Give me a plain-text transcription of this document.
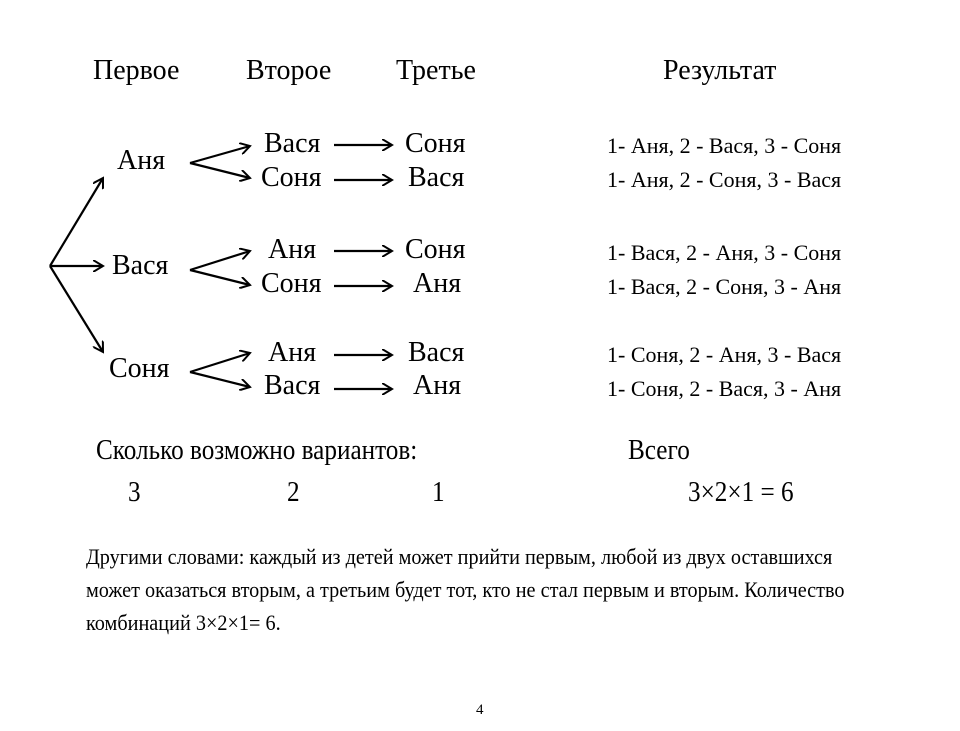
Первое Второе Третье	Результат
Аня
Вася
Соня
Вася
Соня
Аня
Соня
Аня
Вася
Соня
Вася
Соня
Аня
Вася
Аня
1- Аня, 2 - Вася, 3 - Соня
1- Аня, 2 - Соня, 3 - Вася
1- Вася, 2 - Аня, 3 - Соня
1- Вася, 2 - Соня, 3 - Аня
1- Соня, 2 - Аня, 3 - Вася
1- Соня, 2 - Вася, 3 - Аня
Сколько возможно вариантов:	Всего
3	2	1	3×2×1 = 6
Другими словами: каждый из детей может прийти первым, любой из двух оставшихся может оказаться вторым, а третьим будет тот, кто не стал первым и вторым. Количество комбинаций 3×2×1= 6.
4
